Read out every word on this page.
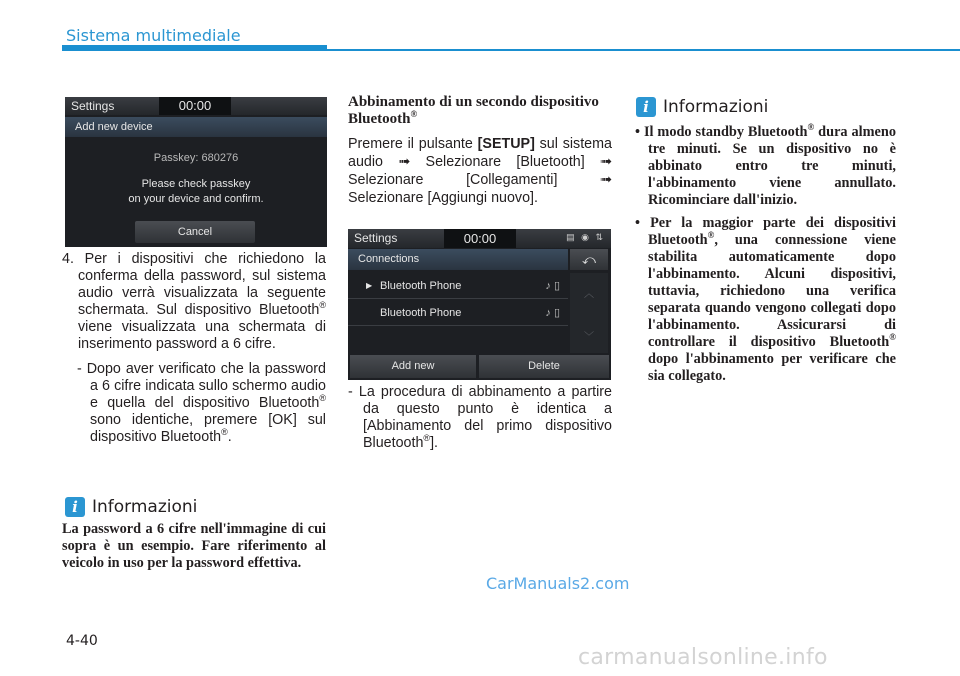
Sistema multimediale
Settings	00:00
Add new device
Passkey: 680276
Please check passkey
on your device and confirm.
Cancel
4. Per i dispositivi che richiedono la conferma della password, sul sistema audio verrà visualizzata la seguente schermata. Sul dispositivo Bluetooth® viene visualizzata una schermata di inserimento password a 6 cifre.
- Dopo aver verificato che la password a 6 cifre indicata sullo schermo audio e quella del dispositivo Bluetooth® sono identiche, premere [OK] sul dispositivo Bluetooth®.
i Informazioni
La password a 6 cifre nell'immagine di cui sopra è un esempio. Fare riferimento al veicolo in uso per la password effettiva.
Abbinamento di un secondo dispositivo Bluetooth®
Premere il pulsante [SETUP] sul sistema audio ➟ Selezionare [Bluetooth] ➟ Selezionare [Collegamenti] ➟ Selezionare [Aggiungi nuovo].
Settings	00:00	▤ ◉ ⇅
Connections	⤺
▶ Bluetooth Phone	♪ ▯
Bluetooth Phone	♪ ▯
︿
﹀
Add new	Delete
- La procedura di abbinamento a partire da questo punto è identica a [Abbinamento del primo dispositivo Bluetooth®].
i Informazioni
• Il modo standby Bluetooth® dura almeno tre minuti. Se un dispositivo no è abbinato entro tre minuti, l'abbinamento viene annullato. Ricominciare dall'inizio.
• Per la maggior parte dei dispositivi Bluetooth®, una connessione viene stabilita automaticamente dopo l'abbinamento. Alcuni dispositivi, tuttavia, richiedono una verifica separata quando vengono collegati dopo l'abbinamento. Assicurarsi di controllare il dispositivo Bluetooth® dopo l'abbinamento per verificare che sia collegato.
CarManuals2.com
4-40
carmanualsonline.info
